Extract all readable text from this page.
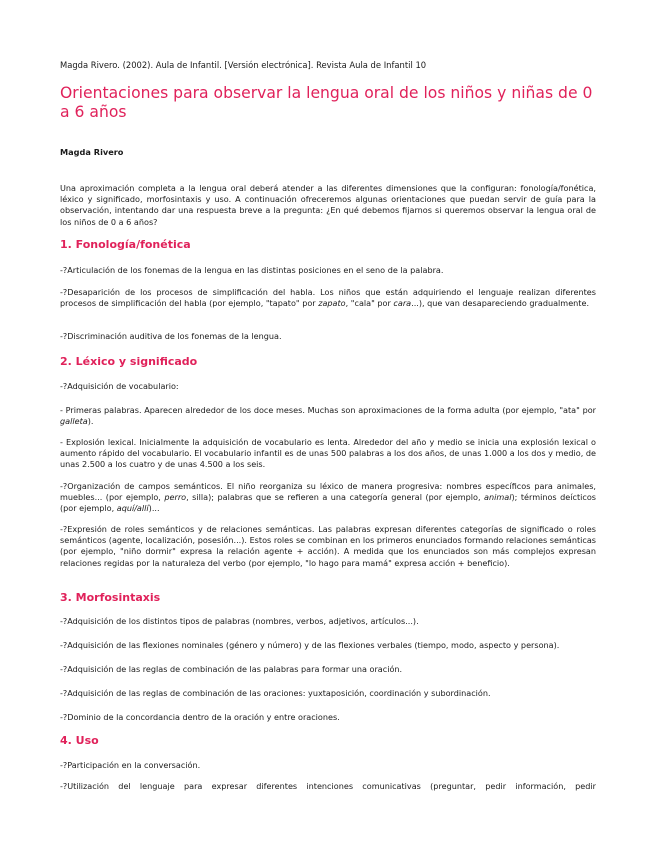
Magda Rivero. (2002). Aula de Infantil. [Versión electrónica]. Revista Aula de Infantil 10
Orientaciones para observar la lengua oral de los niños y niñas de 0 a 6 años
Magda Rivero

Una aproximación completa a la lengua oral deberá atender a las diferentes dimensiones que la configuran: fonología/fonética, léxico y significado, morfosintaxis y uso. A continuación ofreceremos algunas orientaciones que puedan servir de guía para la observación, intentando dar una respuesta breve a la pregunta: ¿En qué debemos fijarnos si queremos observar la lengua oral de los niños de 0 a 6 años?

1. Fonología/fonética

-?Articulación de los fonemas de la lengua en las distintas posiciones en el seno de la palabra.

-?Desaparición de los procesos de simplificación del habla. Los niños que están adquiriendo el lenguaje realizan diferentes procesos de simplificación del habla (por ejemplo, "tapato" por zapato, "cala" por cara...), que van desapareciendo gradualmente.

-?Discriminación auditiva de los fonemas de la lengua.

2. Léxico y significado

-?Adquisición de vocabulario:

- Primeras palabras. Aparecen alrededor de los doce meses. Muchas son aproximaciones de la forma adulta (por ejemplo, "ata" por galleta).

- Explosión lexical. Inicialmente la adquisición de vocabulario es lenta. Alrededor del año y medio se inicia una explosión lexical o aumento rápido del vocabulario. El vocabulario infantil es de unas 500 palabras a los dos años, de unas 1.000 a los dos y medio, de unas 2.500 a los cuatro y de unas 4.500 a los seis.

-?Organización de campos semánticos. El niño reorganiza su léxico de manera progresiva: nombres específicos para animales, muebles... (por ejemplo, perro, silla); palabras que se refieren a una categoría general (por ejemplo, animal); términos deícticos (por ejemplo, aquí/allí)...

-?Expresión de roles semánticos y de relaciones semánticas. Las palabras expresan diferentes categorías de significado o roles semánticos (agente, localización, posesión...). Estos roles se combinan en los primeros enunciados formando relaciones semánticas (por ejemplo, "niño dormir" expresa la relación agente + acción). A medida que los enunciados son más complejos expresan relaciones regidas por la naturaleza del verbo (por ejemplo, "lo hago para mamá" expresa acción + beneficio).

3. Morfosintaxis

-?Adquisición de los distintos tipos de palabras (nombres, verbos, adjetivos, artículos...).

-?Adquisición de las flexiones nominales (género y número) y de las flexiones verbales (tiempo, modo, aspecto y persona).

-?Adquisición de las reglas de combinación de las palabras para formar una oración.

-?Adquisición de las reglas de combinación de las oraciones: yuxtaposición, coordinación y subordinación.

-?Dominio de la concordancia dentro de la oración y entre oraciones.

4. Uso

-?Participación en la conversación.

-?Utilización del lenguaje para expresar diferentes intenciones comunicativas (preguntar, pedir información, pedir
